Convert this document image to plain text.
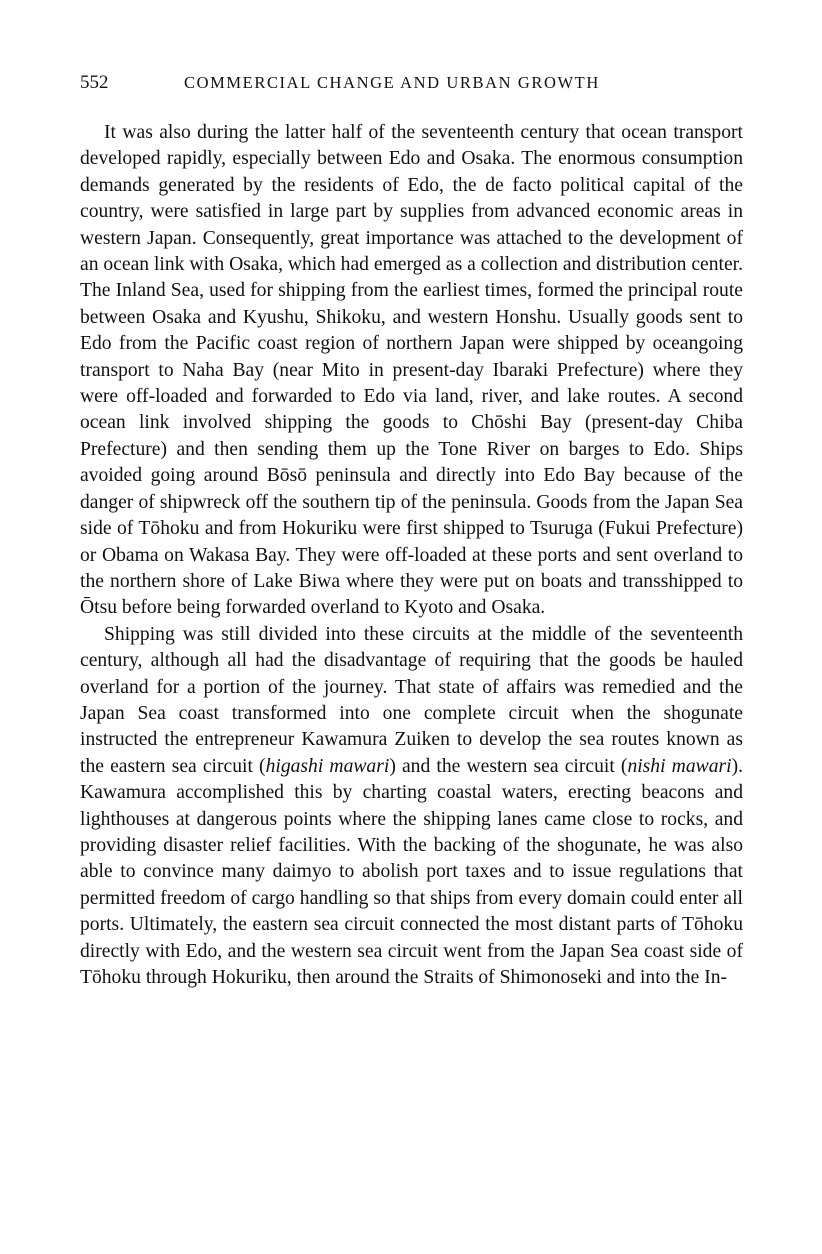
552	COMMERCIAL CHANGE AND URBAN GROWTH

It was also during the latter half of the seventeenth century that ocean transport developed rapidly, especially between Edo and Osaka. The enormous consumption demands generated by the residents of Edo, the de facto political capital of the country, were satisfied in large part by supplies from advanced economic areas in western Japan. Consequently, great importance was attached to the development of an ocean link with Osaka, which had emerged as a collection and distribution center. The Inland Sea, used for shipping from the earliest times, formed the principal route between Osaka and Kyushu, Shikoku, and western Honshu. Usually goods sent to Edo from the Pacific coast region of northern Japan were shipped by oceangoing transport to Naha Bay (near Mito in present-day Ibaraki Prefecture) where they were off-loaded and forwarded to Edo via land, river, and lake routes. A second ocean link involved shipping the goods to Chōshi Bay (present-day Chiba Prefecture) and then sending them up the Tone River on barges to Edo. Ships avoided going around Bōsō peninsula and directly into Edo Bay because of the danger of shipwreck off the southern tip of the peninsula. Goods from the Japan Sea side of Tōhoku and from Hokuriku were first shipped to Tsuruga (Fukui Prefecture) or Obama on Wakasa Bay. They were off-loaded at these ports and sent overland to the northern shore of Lake Biwa where they were put on boats and transshipped to Ōtsu before being forwarded overland to Kyoto and Osaka.

Shipping was still divided into these circuits at the middle of the seventeenth century, although all had the disadvantage of requiring that the goods be hauled overland for a portion of the journey. That state of affairs was remedied and the Japan Sea coast transformed into one complete circuit when the shogunate instructed the entrepreneur Kawamura Zuiken to develop the sea routes known as the eastern sea circuit (higashi mawari) and the western sea circuit (nishi mawari). Kawamura accomplished this by charting coastal waters, erecting beacons and lighthouses at dangerous points where the shipping lanes came close to rocks, and providing disaster relief facilities. With the backing of the shogunate, he was also able to convince many daimyo to abolish port taxes and to issue regulations that permitted freedom of cargo handling so that ships from every domain could enter all ports. Ultimately, the eastern sea circuit connected the most distant parts of Tōhoku directly with Edo, and the western sea circuit went from the Japan Sea coast side of Tōhoku through Hokuriku, then around the Straits of Shimonoseki and into the In-
